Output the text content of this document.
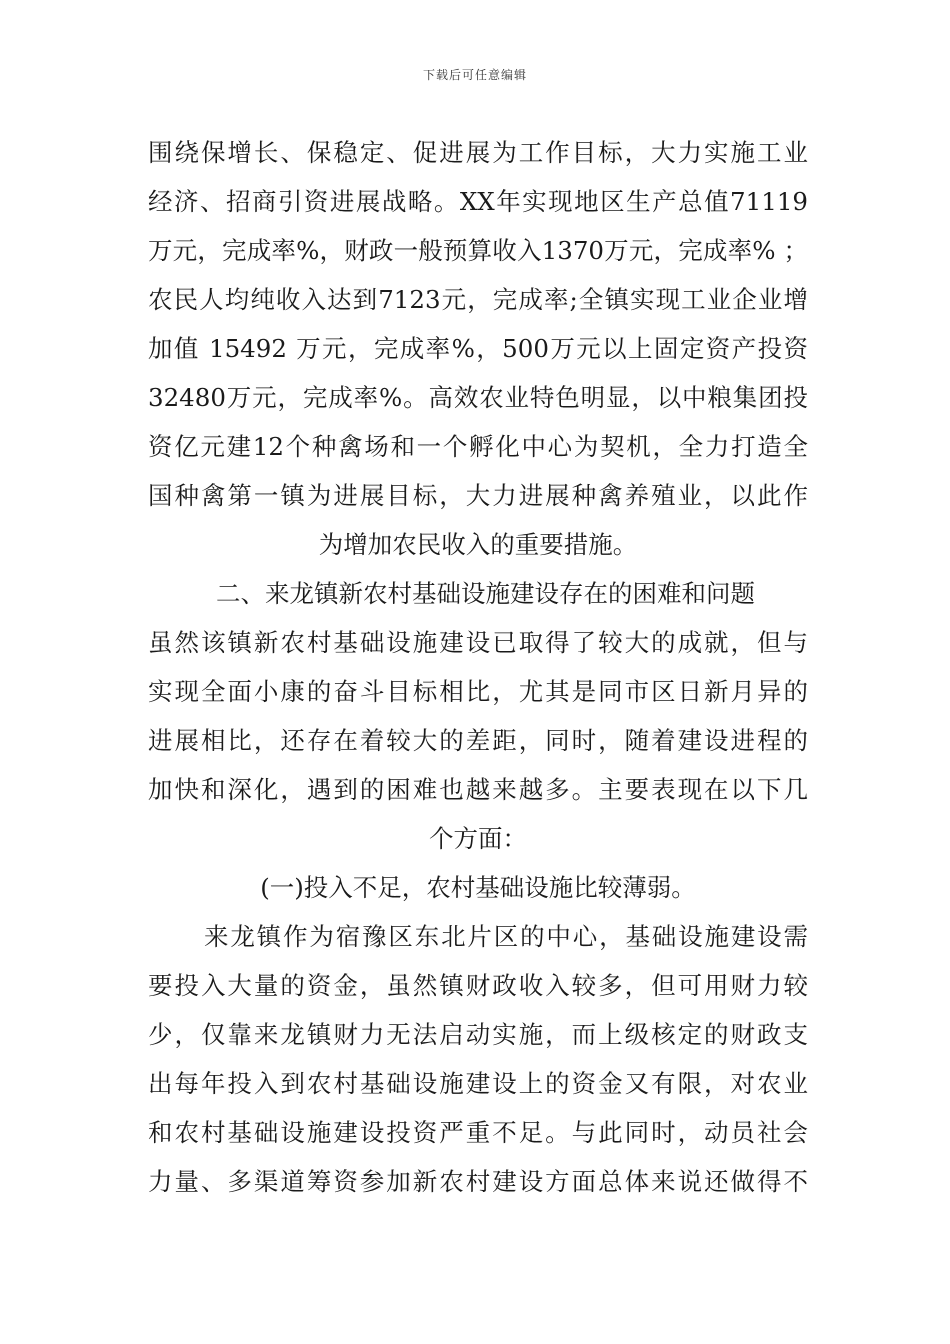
下载后可任意编辑
围绕保增长、保稳定、促进展为工作目标，大力实施工业
经济、招商引资进展战略。XX年实现地区生产总值71119
万元，完成率%，财政一般预算收入1370万元，完成率% ；
农民人均纯收入达到7123元，完成率;全镇实现工业企业增
加值 15492 万元，完成率%，500万元以上固定资产投资
32480万元，完成率%。高效农业特色明显，以中粮集团投
资亿元建12个种禽场和一个孵化中心为契机，全力打造全
国种禽第一镇为进展目标，大力进展种禽养殖业，以此作
为增加农民收入的重要措施。
二、来龙镇新农村基础设施建设存在的困难和问题
虽然该镇新农村基础设施建设已取得了较大的成就，但与
实现全面小康的奋斗目标相比，尤其是同市区日新月异的
进展相比，还存在着较大的差距，同时，随着建设进程的
加快和深化，遇到的困难也越来越多。主要表现在以下几
个方面：
(一)投入不足，农村基础设施比较薄弱。
来龙镇作为宿豫区东北片区的中心，基础设施建设需
要投入大量的资金，虽然镇财政收入较多，但可用财力较
少，仅靠来龙镇财力无法启动实施，而上级核定的财政支
出每年投入到农村基础设施建设上的资金又有限，对农业
和农村基础设施建设投资严重不足。与此同时，动员社会
力量、多渠道筹资参加新农村建设方面总体来说还做得不
